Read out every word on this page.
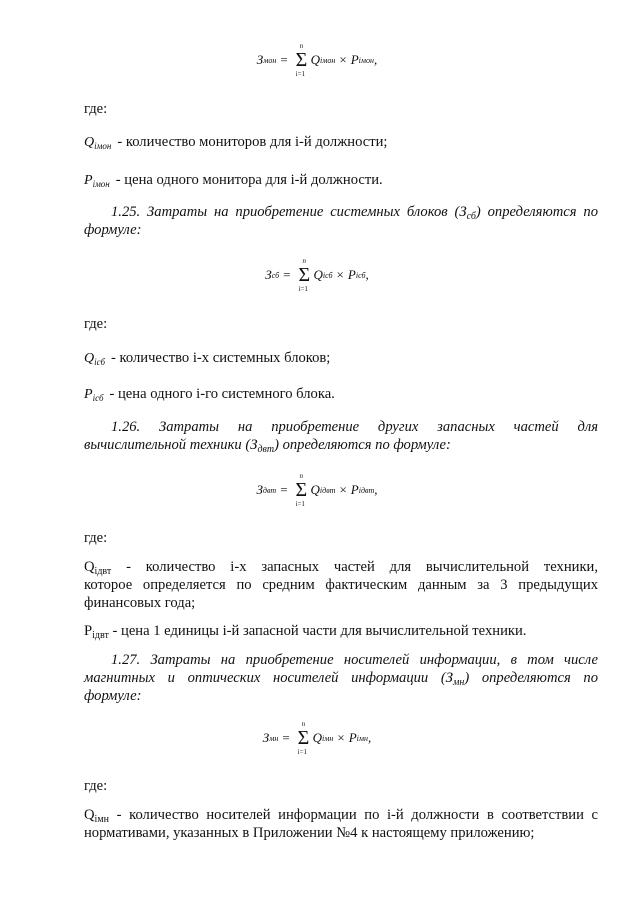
З мон =
n
Σ
i=1
Q iмон × P iмон ,
где:
$Q_{iмон}$ - количество мониторов для i-й должности;
$P_{iмон}$ - цена одного монитора для i-й должности.
1.25. Затраты на приобретение системных блоков $(З_{сб})$ определяются по
формуле:
З сб =
n
Σ
i=1
Q iсб × P iсб ,
где:
$Q_{iсб}$ - количество i-х системных блоков;
$P_{iсб}$ - цена одного i-го системного блока.
1.26. Затраты на приобретение других запасных частей для
вычислительной техники $(З_{двт})$ определяются по формуле:
З двт =
n
Σ
i=1
Q iдвт × P iдвт ,
где:
$Q_{iдвт}$ - количество i-х запасных частей для вычислительной техники,
которое определяется по средним фактическим данным за 3 предыдущих
финансовых года;
$P_{iдвт}$ - цена 1 единицы i-й запасной части для вычислительной техники.
1.27. Затраты на приобретение носителей информации, в том числе
магнитных и оптических носителей информации $(З_{мн})$ определяются по
формуле:
З мн =
n
Σ
i=1
Q iмн × P iмн ,
где:
$Q_{iмн}$ - количество носителей информации по i-й должности в соответствии с
нормативами, указанных в Приложении №4 к настоящему приложению;
